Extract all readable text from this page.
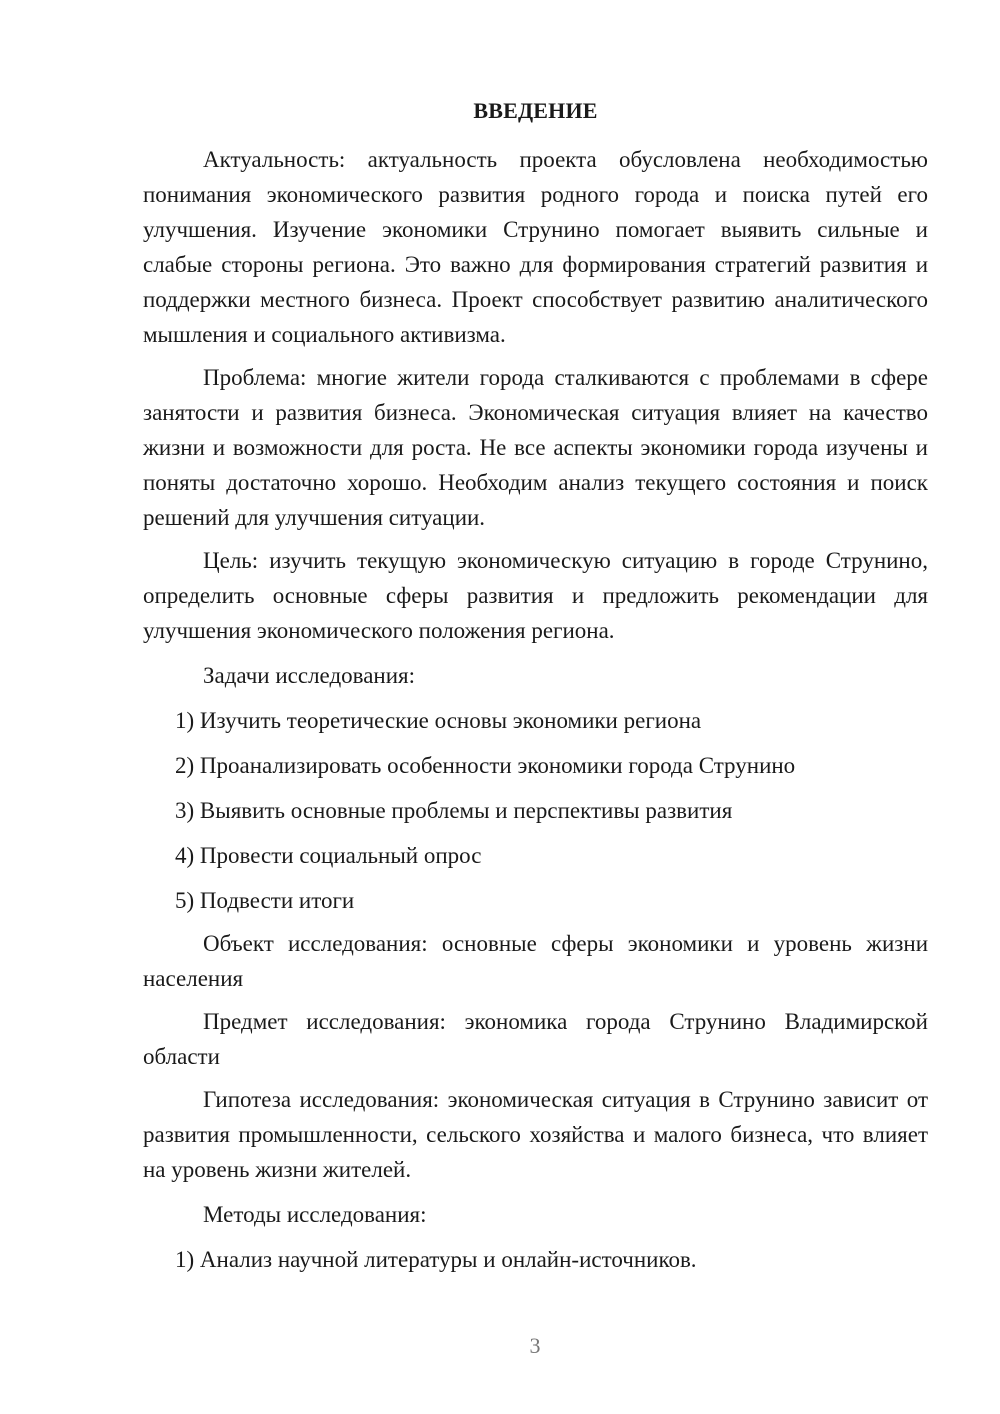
ВВЕДЕНИЕ

Актуальность: актуальность проекта обусловлена необходимостью понимания экономического развития родного города и поиска путей его улучшения. Изучение экономики Струнино помогает выявить сильные и слабые стороны региона. Это важно для формирования стратегий развития и поддержки местного бизнеса. Проект способствует развитию аналитического мышления и социального активизма.

Проблема: многие жители города сталкиваются с проблемами в сфере занятости и развития бизнеса. Экономическая ситуация влияет на качество жизни и возможности для роста. Не все аспекты экономики города изучены и поняты достаточно хорошо. Необходим анализ текущего состояния и поиск решений для улучшения ситуации.

Цель: изучить текущую экономическую ситуацию в городе Струнино, определить основные сферы развития и предложить рекомендации для улучшения экономического положения региона.

Задачи исследования:

1) Изучить теоретические основы экономики региона
2) Проанализировать особенности экономики города Струнино
3) Выявить основные проблемы и перспективы развития
4) Провести социальный опрос
5) Подвести итоги

Объект исследования: основные сферы экономики и уровень жизни населения

Предмет исследования: экономика города Струнино Владимирской области

Гипотеза исследования: экономическая ситуация в Струнино зависит от развития промышленности, сельского хозяйства и малого бизнеса, что влияет на уровень жизни жителей.

Методы исследования:

1) Анализ научной литературы и онлайн-источников.
3
